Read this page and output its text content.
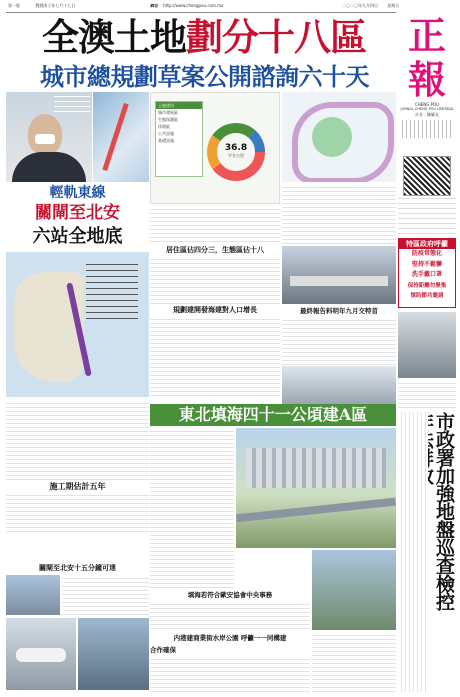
第一版	農曆庚子年七月十七日	網址 http://www.chengpou.com.mo	二〇二〇年九月四日 星期五
全澳土地劃分十八區
城市總規劃草案公開諮詢六十天
正
報
CHENG POU
JORNAL CHENG POU LIMITADA
社長 : 陳耀光
輕軌東線
關閘至北安
六站全地底
施工期估計五年
關閘至北安十五分鐘可達
土地使用
城市發展區
生態保護區
休閒區
公共設施
基礎設施
36.8
平方公里
居住區佔四分三，生態區佔十八
規劃建開發海建對人口增長	最終報告料明年九月交特首
東北填海四十一公頃建A區
填海若符合歐安協會中央事務
内港建商業街水岸公園 呼籲一一同構建
合作確保
特區政府呼籲
防疫常態化
堅持不鬆懈
洗手戴口罩
保持距離勿聚集
慎防節功邀請
市政署加強地盤巡查檢控
